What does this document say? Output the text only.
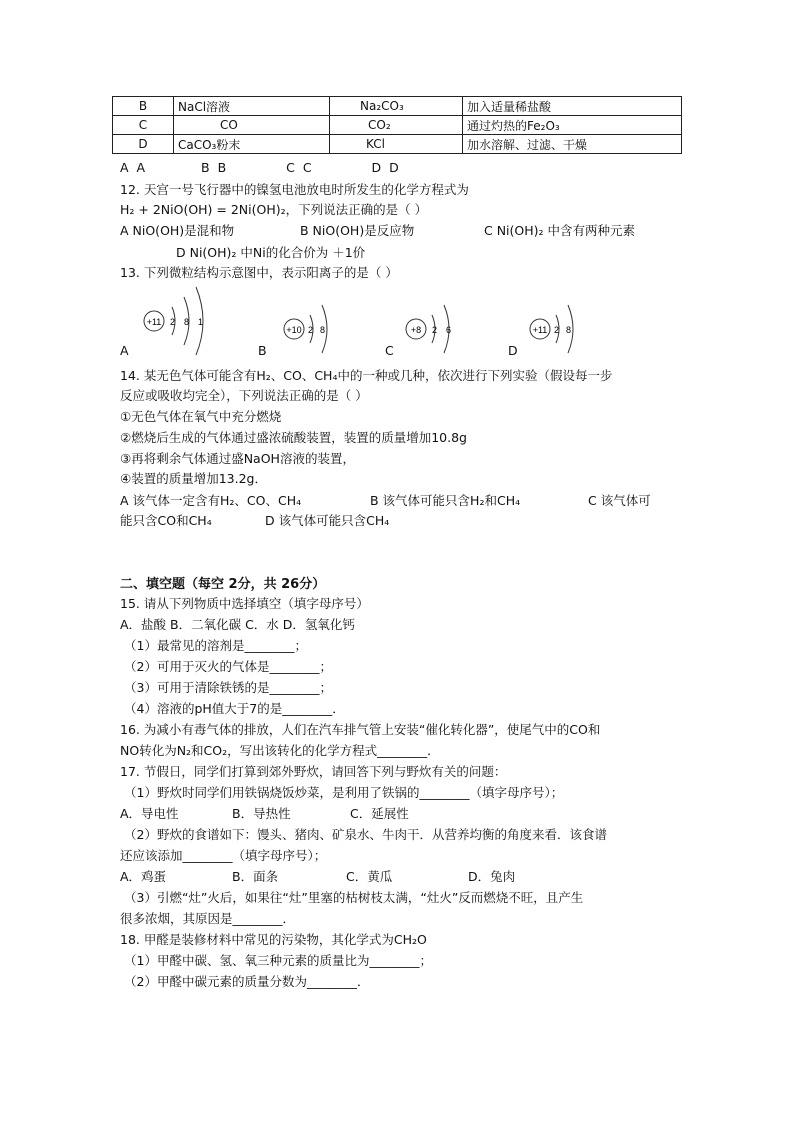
B	NaCl溶液	Na₂CO₃	加入适量稀盐酸
C	CO	CO₂	通过灼热的Fe₂O₃
D	CaCO₃粉末	KCl	加水溶解、过滤、干燥
A A	B B	C C	D D
12. 天宫一号飞行器中的镍氢电池放电时所发生的化学方程式为
H₂ + 2NiO(OH) = 2Ni(OH)₂，下列说法正确的是（ ）
A NiO(OH)是混和物	B NiO(OH)是反应物	C Ni(OH)₂ 中含有两种元素
D Ni(OH)₂ 中Ni的化合价为 ＋1价
13. 下列微粒结构示意图中，表示阳离子的是（ ）
+11 2 8 1
+10 2 8	+8 2 6	+11 2 8
A	B	C	D
14. 某无色气体可能含有H₂、CO、CH₄中的一种或几种，依次进行下列实验（假设每一步
反应或吸收均完全），下列说法正确的是（ ）
①无色气体在氧气中充分燃烧
②燃烧后生成的气体通过盛浓硫酸装置，装置的质量增加10.8g
③再将剩余气体通过盛NaOH溶液的装置，
④装置的质量增加13.2g．
A 该气体一定含有H₂、CO、CH₄	B 该气体可能只含H₂和CH₄	C 该气体可
能只含CO和CH₄	D 该气体可能只含CH₄
二、填空题（每空 2分，共 26分）
15. 请从下列物质中选择填空（填字母序号）
A．盐酸 B．二氧化碳 C．水 D．氢氧化钙
（1）最常见的溶剂是________；
（2）可用于灭火的气体是________；
（3）可用于清除铁锈的是________；
（4）溶液的pH值大于7的是________．
16. 为减小有毒气体的排放，人们在汽车排气管上安装“催化转化器”，使尾气中的CO和
NO转化为N₂和CO₂，写出该转化的化学方程式________．
17. 节假日，同学们打算到郊外野炊，请回答下列与野炊有关的问题：
（1）野炊时同学们用铁锅烧饭炒菜，是利用了铁锅的________（填字母序号）；
A．导电性	B．导热性	C．延展性
（2）野炊的食谱如下：馒头、猪肉、矿泉水、牛肉干．从营养均衡的角度来看．该食谱
还应该添加________（填字母序号）；
A．鸡蛋	B．面条	C．黄瓜	D．兔肉
（3）引燃“灶”火后，如果往“灶”里塞的枯树枝太满，“灶火”反而燃烧不旺，且产生
很多浓烟，其原因是________．
18. 甲醛是装修材料中常见的污染物，其化学式为CH₂O
（1）甲醛中碳、氢、氧三种元素的质量比为________；
（2）甲醛中碳元素的质量分数为________．
